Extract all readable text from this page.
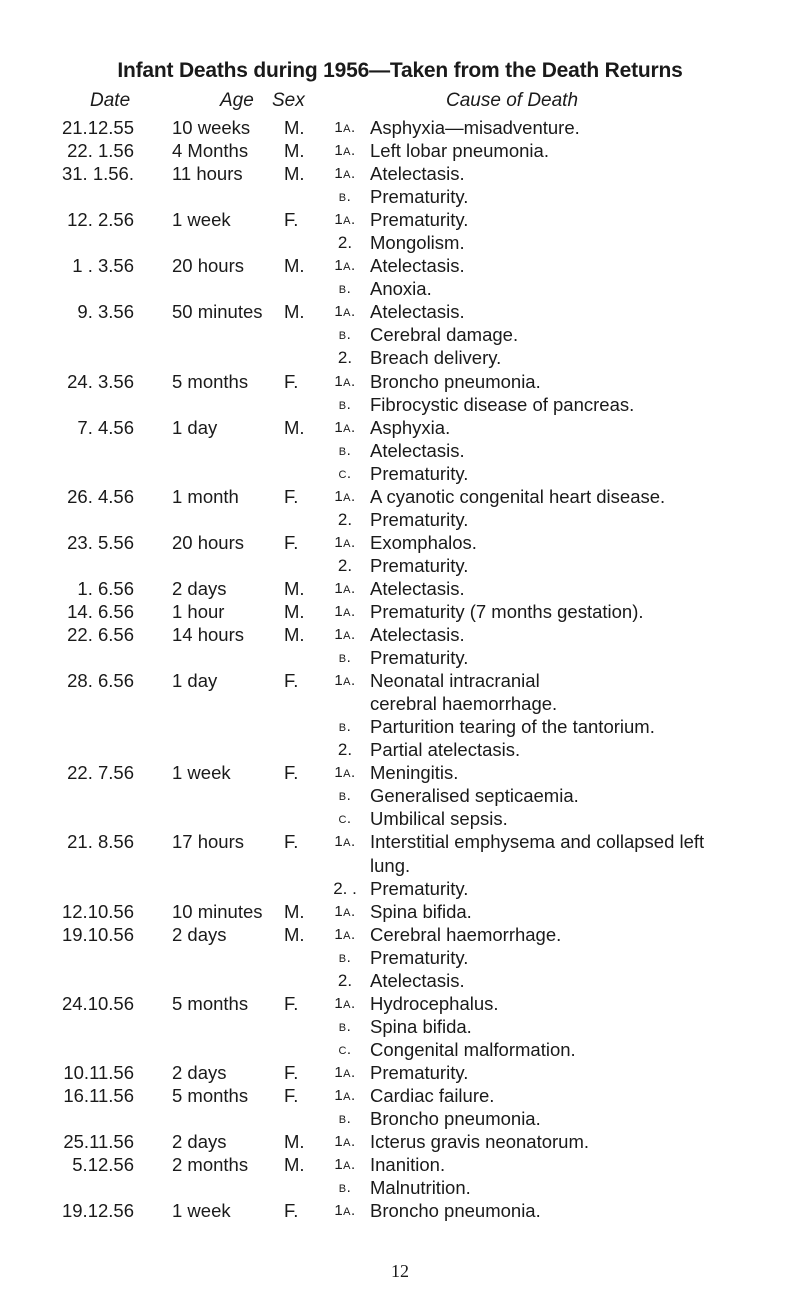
Infant Deaths during 1956—Taken from the Death Returns
Date	Age Sex	Cause of Death
21.12.55 10 weeks M.	1a. Asphyxia—misadventure.
22. 1.56 4 Months M.	1a. Left lobar pneumonia.
31. 1.56. 11 hours M.	1a. Atelectasis.
b.	Prematurity.
12. 2.56 1 week	F.	1a. Prematurity.
2. Mongolism.
1 . 3.56 20 hours M.	1a. Atelectasis.
b.	Anoxia.
9. 3.56 50 minutes M.	1a. Atelectasis.
b.	Cerebral damage.
2. Breach delivery.
24. 3.56 5 months F.	1a. Broncho pneumonia.
b.	Fibrocystic disease of pancreas.
7. 4.56 1 day	M.	1a. Asphyxia.
b.	Atelectasis.
c. Prematurity.
26. 4.56 1 month F.	1a. A cyanotic congenital heart disease.
2. Prematurity.
23. 5.56 20 hours F.	1a. Exomphalos.
2. Prematurity.
1. 6.56 2 days	M.	1a. Atelectasis.
14. 6.56 1 hour	M.	1a. Prematurity (7 months gestation).
22. 6.56 14 hours M.	1a. Atelectasis.
b.	Prematurity.
28. 6.56 1 day	F.	1a. Neonatal intracranial
cerebral haemorrhage.
b.	Parturition tearing of the tantorium.
2. Partial atelectasis.
22. 7.56 1 week	F.	1a. Meningitis.
b.	Generalised septicaemia.
c. Umbilical sepsis.
21. 8.56 17 hours F.	1a. Interstitial emphysema and collapsed left
lung.
2. . Prematurity.
12.10.56 10 minutes M.	1a. Spina bifida.
19.10.56 2 days	M.	1a. Cerebral haemorrhage.
b.	Prematurity.
2. Atelectasis.
24.10.56 5 months F.	1a. Hydrocephalus.
b.	Spina bifida.
c. Congenital malformation.
10.11.56 2 days	F.	1a. Prematurity.
16.11.56 5 months F.	1a. Cardiac failure.
b.	Broncho pneumonia.
25.11.56 2 days	M.	1a. Icterus gravis neonatorum.
5.12.56 2 months M.	1a. Inanition.
b.	Malnutrition.
19.12.56 1 week	F.	1a. Broncho pneumonia.
12
